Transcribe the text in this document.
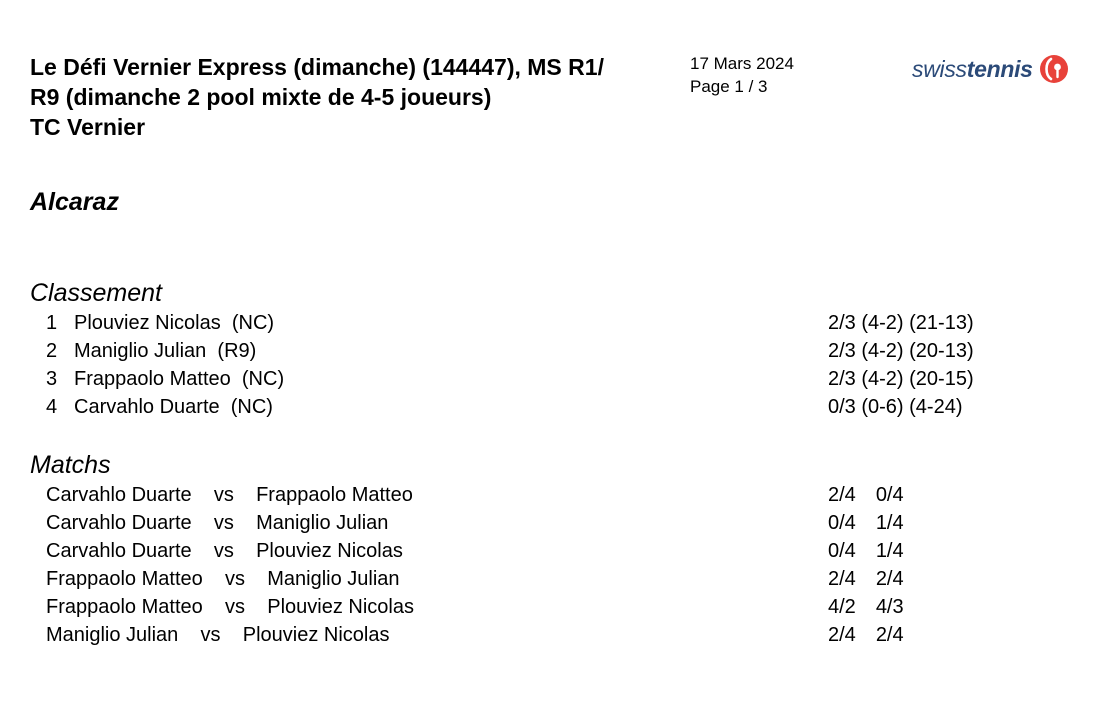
Le Défi Vernier Express (dimanche) (144447), MS R1/
R9 (dimanche 2 pool mixte de 4-5 joueurs)
TC Vernier
17 Mars 2024
Page 1 / 3
swisstennis
Alcaraz
Classement
1 Plouviez Nicolas (NC)	2/3 (4-2) (21-13)
2 Maniglio Julian (R9)	2/3 (4-2) (20-13)
3 Frappaolo Matteo (NC)	2/3 (4-2) (20-15)
4 Carvahlo Duarte (NC)	0/3 (0-6) (4-24)
Matchs
Carvahlo Duarte vs Frappaolo Matteo	2/4 0/4
Carvahlo Duarte vs Maniglio Julian	0/4 1/4
Carvahlo Duarte vs Plouviez Nicolas	0/4 1/4
Frappaolo Matteo vs Maniglio Julian	2/4 2/4
Frappaolo Matteo vs Plouviez Nicolas	4/2 4/3
Maniglio Julian vs Plouviez Nicolas	2/4 2/4
